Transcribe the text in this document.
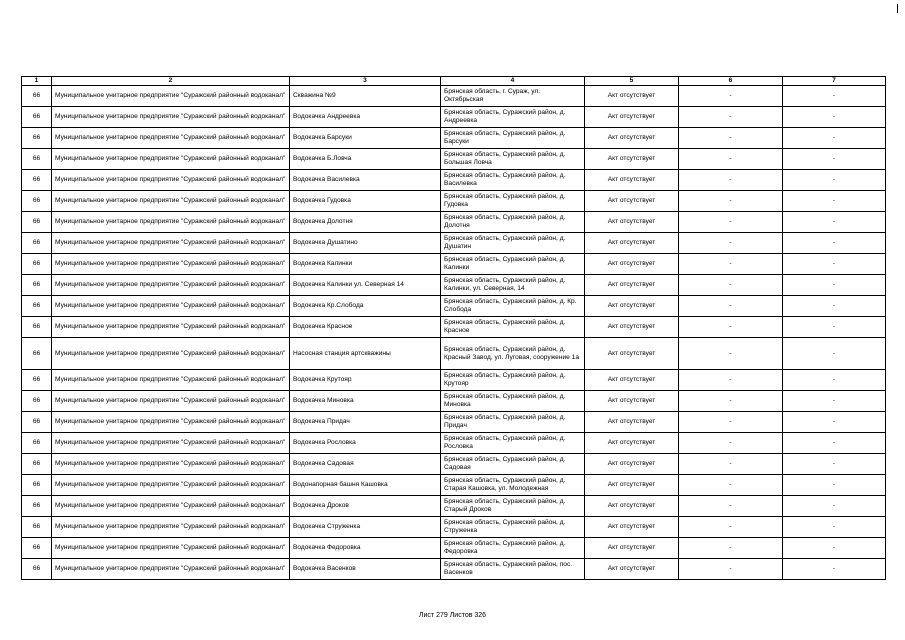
1	2	3	4	5	6	7
66	Муниципальное унитарное предприятие "Суражский районный водоканал"	Скважина №9	Брянская область, г. Сураж, ул. Октябрьская	Акт отсутствует	-	-
66	Муниципальное унитарное предприятие "Суражский районный водоканал"	Водокачка Андреевка	Брянская область, Суражский район, д. Андреевка	Акт отсутствует	-	-
66	Муниципальное унитарное предприятие "Суражский районный водоканал"	Водокачка Барсуки	Брянская область, Суражский район, д. Барсуки	Акт отсутствует	-	-
66	Муниципальное унитарное предприятие "Суражский районный водоканал"	Водокачка Б.Ловча	Брянская область, Суражский район, д. Большая Ловча	Акт отсутствует	-	-
66	Муниципальное унитарное предприятие "Суражский районный водоканал"	Водокачка Василевка	Брянская область, Суражский район, д. Василевка	Акт отсутствует	-	-
66	Муниципальное унитарное предприятие "Суражский районный водоканал"	Водокачка Гудовка	Брянская область, Суражский район, д. Гудовка	Акт отсутствует	-	-
66	Муниципальное унитарное предприятие "Суражский районный водоканал"	Водокачка Долотня	Брянская область, Суражский район, д. Долотня	Акт отсутствует	-	-
66	Муниципальное унитарное предприятие "Суражский районный водоканал"	Водокачка Душатино	Брянская область, Суражский район, д. Душатин	Акт отсутствует	-	-
66	Муниципальное унитарное предприятие "Суражский районный водоканал"	Водокачка Калинки	Брянская область, Суражский район, д. Калинки	Акт отсутствует	-	-
66	Муниципальное унитарное предприятие "Суражский районный водоканал"	Водокачка Калинки ул. Северная 14	Брянская область, Суражский район, д. Калинки, ул. Северная, 14	Акт отсутствует	-	-
66	Муниципальное унитарное предприятие "Суражский районный водоканал"	Водокачка Кр.Слобода	Брянская область, Суражский район, д. Кр. Слобода	Акт отсутствует	-	-
66	Муниципальное унитарное предприятие "Суражский районный водоканал"	Водокачка Красное	Брянская область, Суражский район, д. Красное	Акт отсутствует	-	-
66	Муниципальное унитарное предприятие "Суражский районный водоканал"	Насосная станция артскважины	Брянская область, Суражский район, д. Красный Завод, ул. Луговая, сооружение 1а	Акт отсутствует	-	-
66	Муниципальное унитарное предприятие "Суражский районный водоканал"	Водокачка Крутояр	Брянская область, Суражский район, д. Крутояр	Акт отсутствует	-	-
66	Муниципальное унитарное предприятие "Суражский районный водоканал"	Водокачка Миновка	Брянская область, Суражский район, д. Миновка	Акт отсутствует	-	-
66	Муниципальное унитарное предприятие "Суражский районный водоканал"	Водокачка Придач	Брянская область, Суражский район, д. Придач	Акт отсутствует	-	-
66	Муниципальное унитарное предприятие "Суражский районный водоканал"	Водокачка Рословка	Брянская область, Суражский район, д. Рословка	Акт отсутствует	-	-
66	Муниципальное унитарное предприятие "Суражский районный водоканал"	Водокачка Садовая	Брянская область, Суражский район, д. Садовая	Акт отсутствует	-	-
66	Муниципальное унитарное предприятие "Суражский районный водоканал"	Водонапорная башня Кашовка	Брянская область, Суражский район, д. Старая Кашовка, ул. Молодежная	Акт отсутствует	-	-
66	Муниципальное унитарное предприятие "Суражский районный водоканал"	Водокачка Дроков	Брянская область, Суражский район, д. Старый Дроков	Акт отсутствует	-	-
66	Муниципальное унитарное предприятие "Суражский районный водоканал"	Водокачка Струженка	Брянская область, Суражский район, д. Струженка	Акт отсутствует	-	-
66	Муниципальное унитарное предприятие "Суражский районный водоканал"	Водокачка Федоровка	Брянская область, Суражский район, д. Федоровка	Акт отсутствует	-	-
66	Муниципальное унитарное предприятие "Суражский районный водоканал"	Водокачка Васенков	Брянская область, Суражский район, пос. Васенков	Акт отсутствует	-	-
Лист 279 Листов 326
